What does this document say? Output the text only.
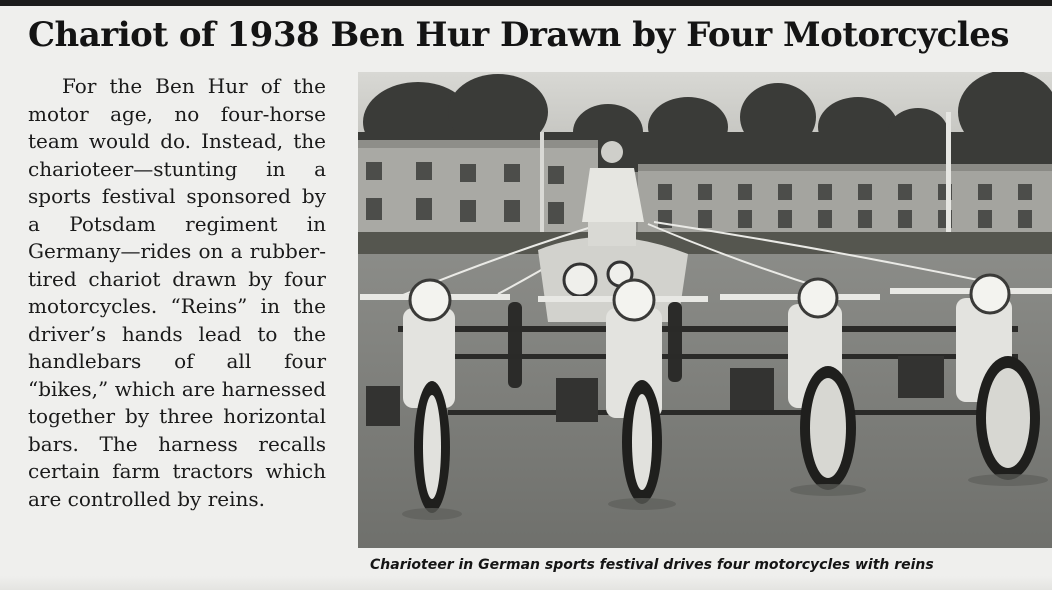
Chariot of 1938 Ben Hur Drawn by Four Motorcycles

For the Ben Hur of the motor age, no four-horse team would do. Instead, the charioteer—stunting in a sports festival sponsored by a Potsdam regiment in Germany—rides on a rubber-tired chariot drawn by four motorcycles. “Reins” in the driver’s hands lead to the handlebars of all four “bikes,” which are harnessed together by three horizontal bars. The harness recalls certain farm tractors which are controlled by reins.

Charioteer in German sports festival drives four motorcycles with reins
